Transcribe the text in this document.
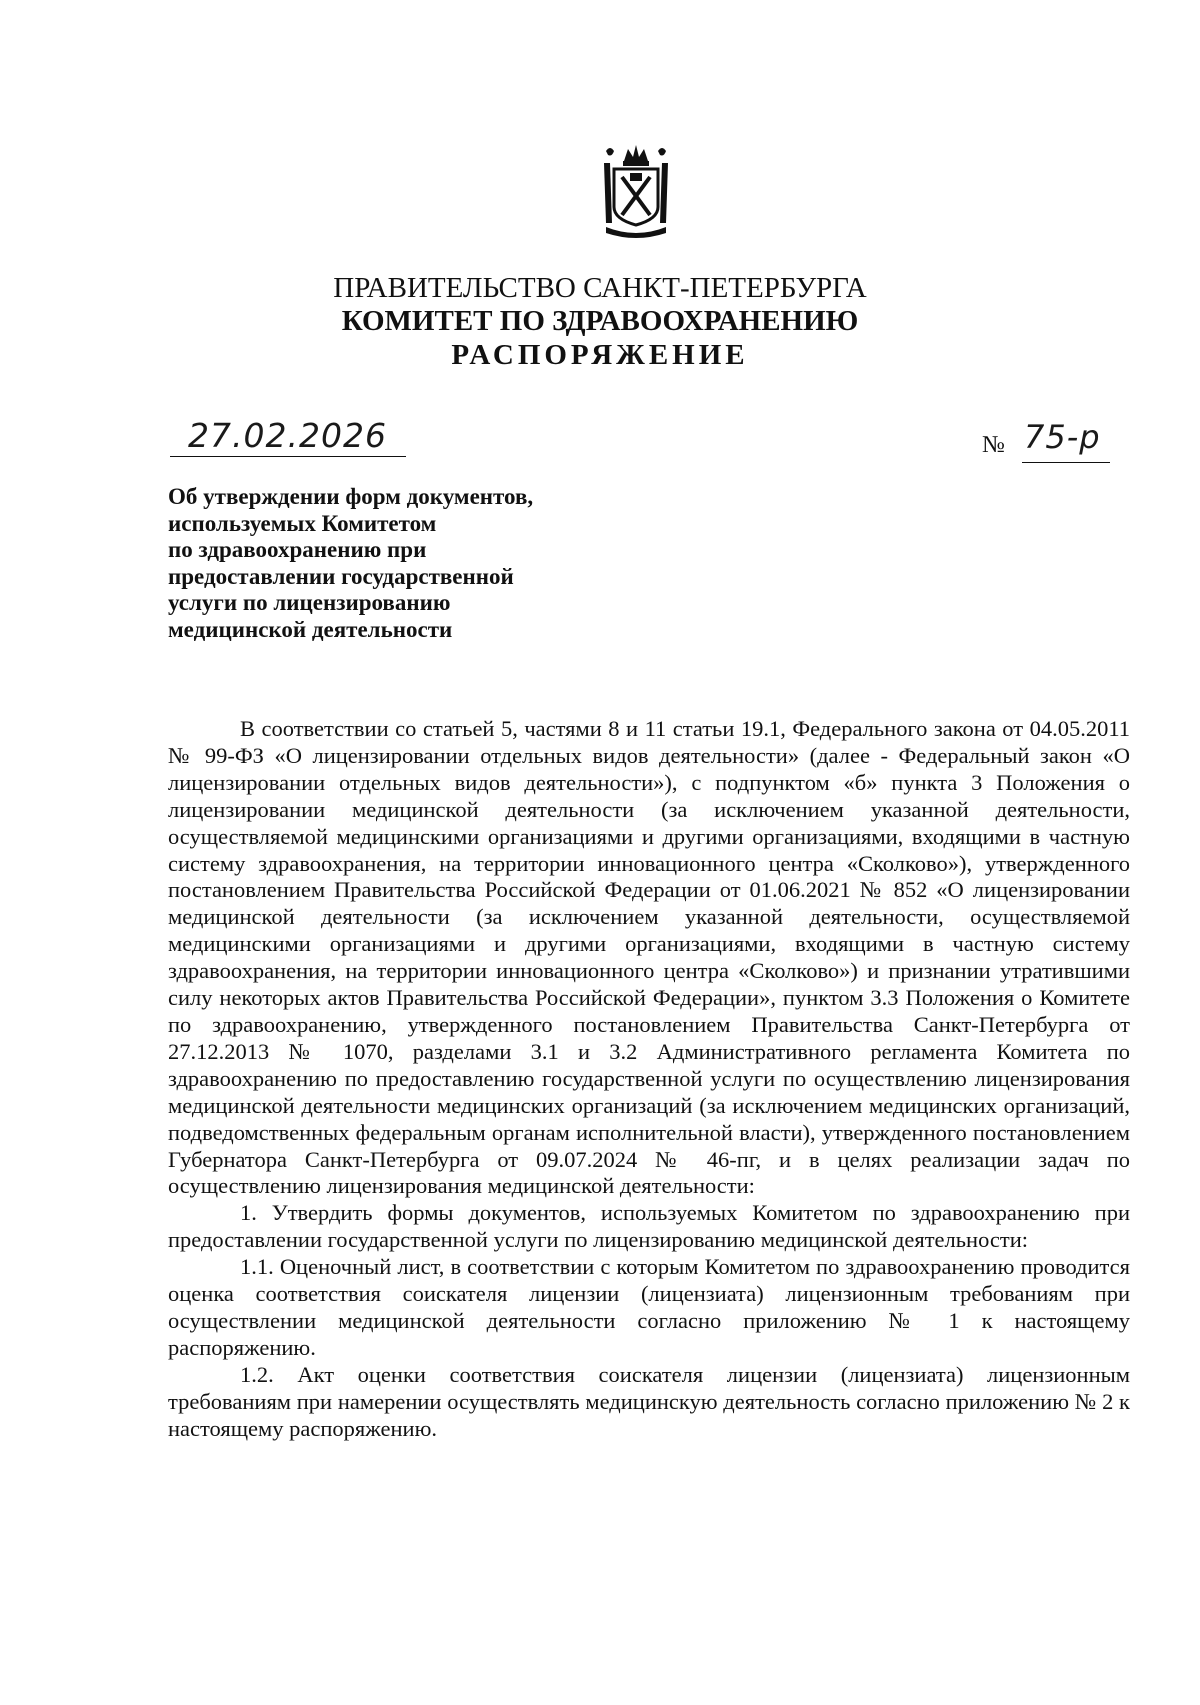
ПРАВИТЕЛЬСТВО САНКТ-ПЕТЕРБУРГА
КОМИТЕТ ПО ЗДРАВООХРАНЕНИЮ
РАСПОРЯЖЕНИЕ
27.02.2026	№ 75-р
Об утверждении форм документов,
используемых Комитетом
по здравоохранению при
предоставлении государственной
услуги по лицензированию
медицинской деятельности

В соответствии со статьей 5, частями 8 и 11 статьи 19.1, Федерального закона от 04.05.2011 № 99-ФЗ «О лицензировании отдельных видов деятельности» (далее - Федеральный закон «О лицензировании отдельных видов деятельности»), с подпунктом «б» пункта 3 Положения о лицензировании медицинской деятельности (за исключением указанной деятельности, осуществляемой медицинскими организациями и другими организациями, входящими в частную систему здравоохранения, на территории инновационного центра «Сколково»), утвержденного постановлением Правительства Российской Федерации от 01.06.2021 № 852 «О лицензировании медицинской деятельности (за исключением указанной деятельности, осуществляемой медицинскими организациями и другими организациями, входящими в частную систему здравоохранения, на территории инновационного центра «Сколково») и признании утратившими силу некоторых актов Правительства Российской Федерации», пунктом 3.3 Положения о Комитете по здравоохранению, утвержденного постановлением Правительства Санкт-Петербурга от 27.12.2013 № 1070, разделами 3.1 и 3.2 Административного регламента Комитета по здравоохранению по предоставлению государственной услуги по осуществлению лицензирования медицинской деятельности медицинских организаций (за исключением медицинских организаций, подведомственных федеральным органам исполнительной власти), утвержденного постановлением Губернатора Санкт-Петербурга от 09.07.2024 № 46-пг, и в целях реализации задач по осуществлению лицензирования медицинской деятельности:

1. Утвердить формы документов, используемых Комитетом по здравоохранению при предоставлении государственной услуги по лицензированию медицинской деятельности:

1.1. Оценочный лист, в соответствии с которым Комитетом по здравоохранению проводится оценка соответствия соискателя лицензии (лицензиата) лицензионным требованиям при осуществлении медицинской деятельности согласно приложению № 1 к настоящему распоряжению.

1.2. Акт оценки соответствия соискателя лицензии (лицензиата) лицензионным требованиям при намерении осуществлять медицинскую деятельность согласно приложению № 2 к настоящему распоряжению.
